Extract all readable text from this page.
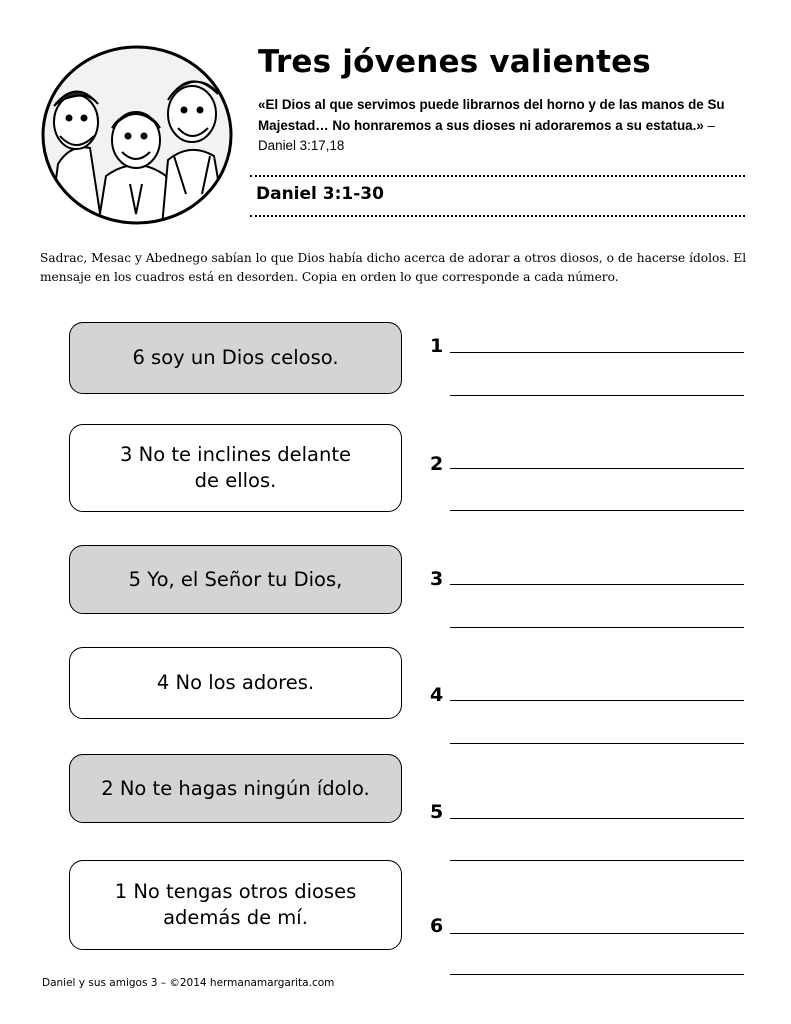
Tres jóvenes valientes
«El Dios al que servimos puede librarnos del horno y de las manos de Su Majestad… No honraremos a sus dioses ni adoraremos a su estatua.» –Daniel 3:17,18
Daniel 3:1-30
Sadrac, Mesac y Abednego sabían lo que Dios había dicho acerca de adorar a otros diosos, o de hacerse ídolos. El mensaje en los cuadros está en desorden. Copia en orden lo que corresponde a cada número.
6 soy un Dios celoso.
3 No te inclines delante
de ellos.
5 Yo, el Señor tu Dios,
4 No los adores.
2 No te hagas ningún ídolo.
1 No tengas otros dioses
además de mí.
1
2
3
4
5
6
Daniel y sus amigos 3 – ©2014 hermanamargarita.com
